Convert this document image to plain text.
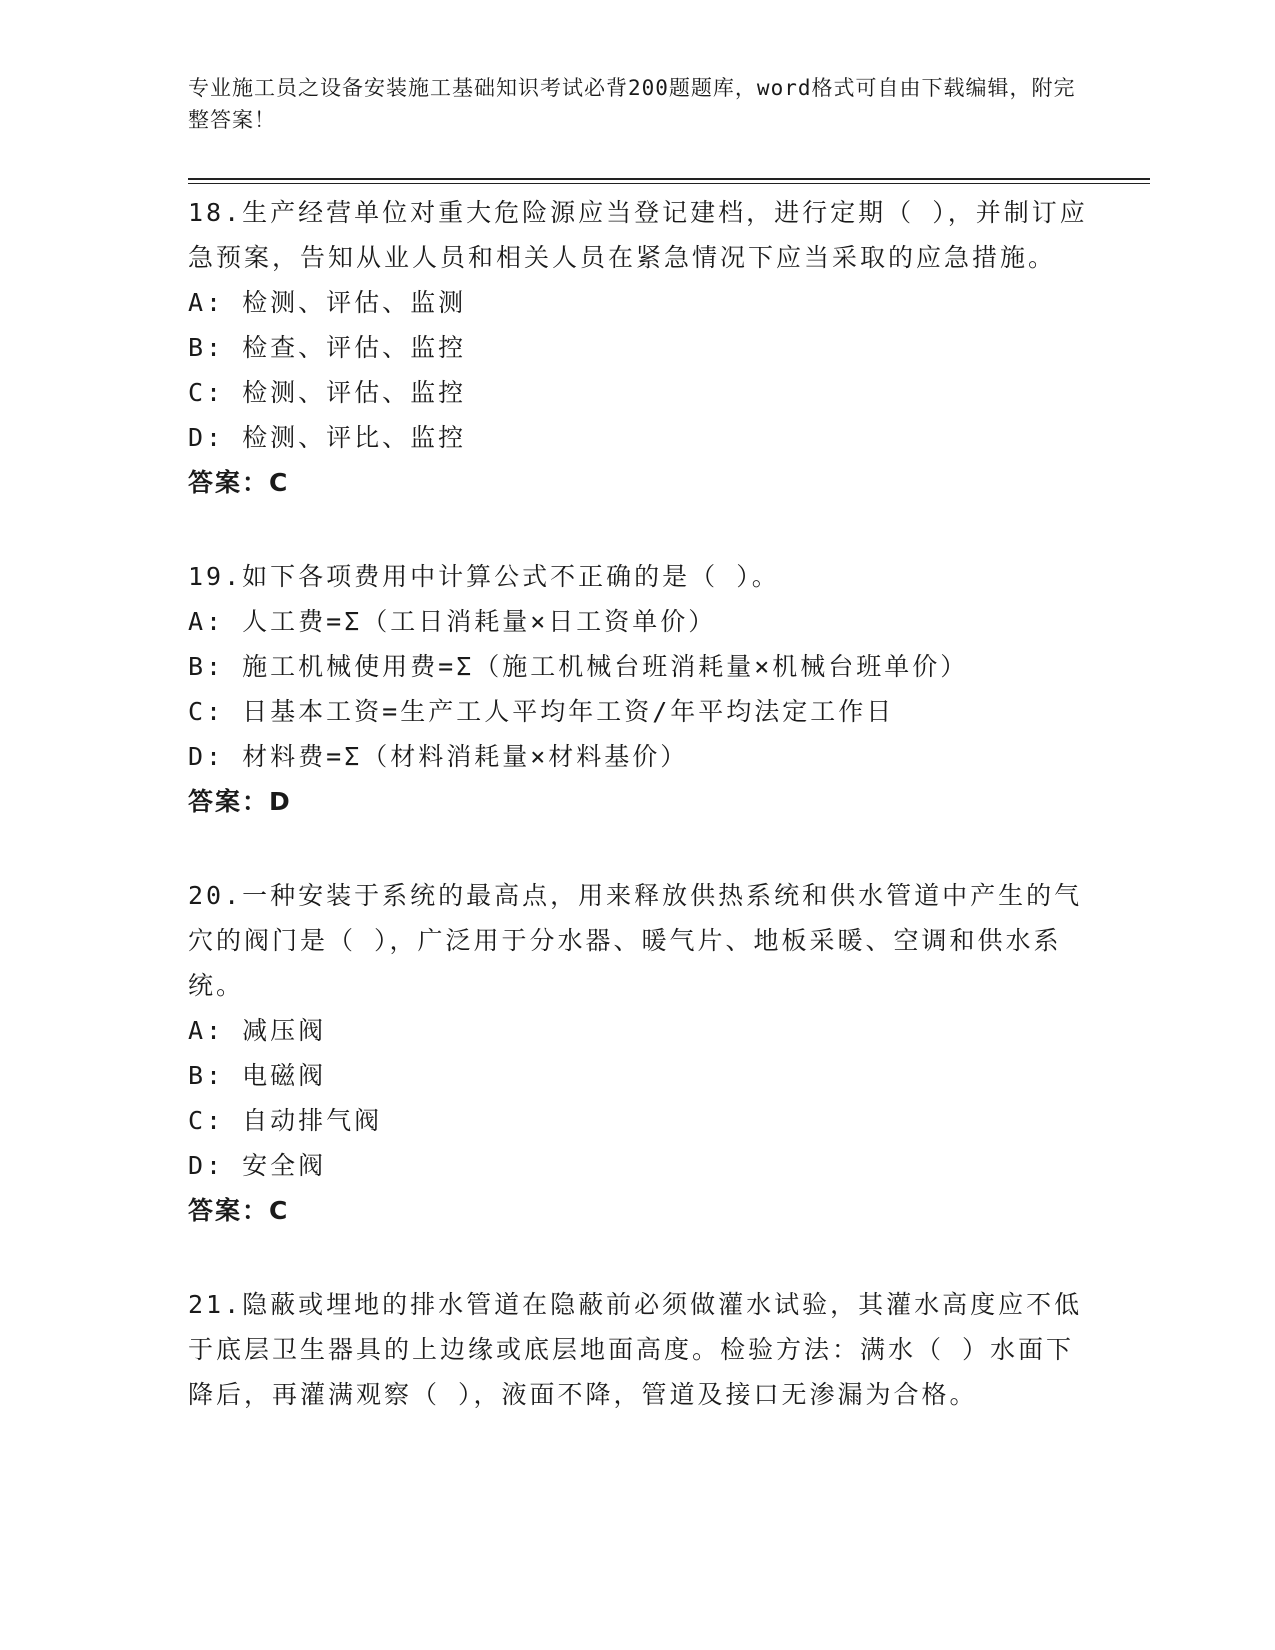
专业施工员之设备安装施工基础知识考试必背200题题库，word格式可自由下载编辑，附完整答案！

18.生产经营单位对重大危险源应当登记建档，进行定期（ ），并制订应急预案，告知从业人员和相关人员在紧急情况下应当采取的应急措施。

A: 检测、评估、监测

B: 检查、评估、监控

C: 检测、评估、监控

D: 检测、评比、监控

答案：C

19.如下各项费用中计算公式不正确的是（ ）。

A: 人工费=Σ（工日消耗量×日工资单价）

B: 施工机械使用费=Σ（施工机械台班消耗量×机械台班单价）

C: 日基本工资=生产工人平均年工资/年平均法定工作日

D: 材料费=Σ（材料消耗量×材料基价）

答案：D

20.一种安装于系统的最高点，用来释放供热系统和供水管道中产生的气穴的阀门是（ ），广泛用于分水器、暖气片、地板采暖、空调和供水系统。

A: 减压阀

B: 电磁阀

C: 自动排气阀

D: 安全阀

答案：C

21.隐蔽或埋地的排水管道在隐蔽前必须做灌水试验，其灌水高度应不低于底层卫生器具的上边缘或底层地面高度。检验方法：满水（ ）水面下降后，再灌满观察（ ），液面不降，管道及接口无渗漏为合格。
